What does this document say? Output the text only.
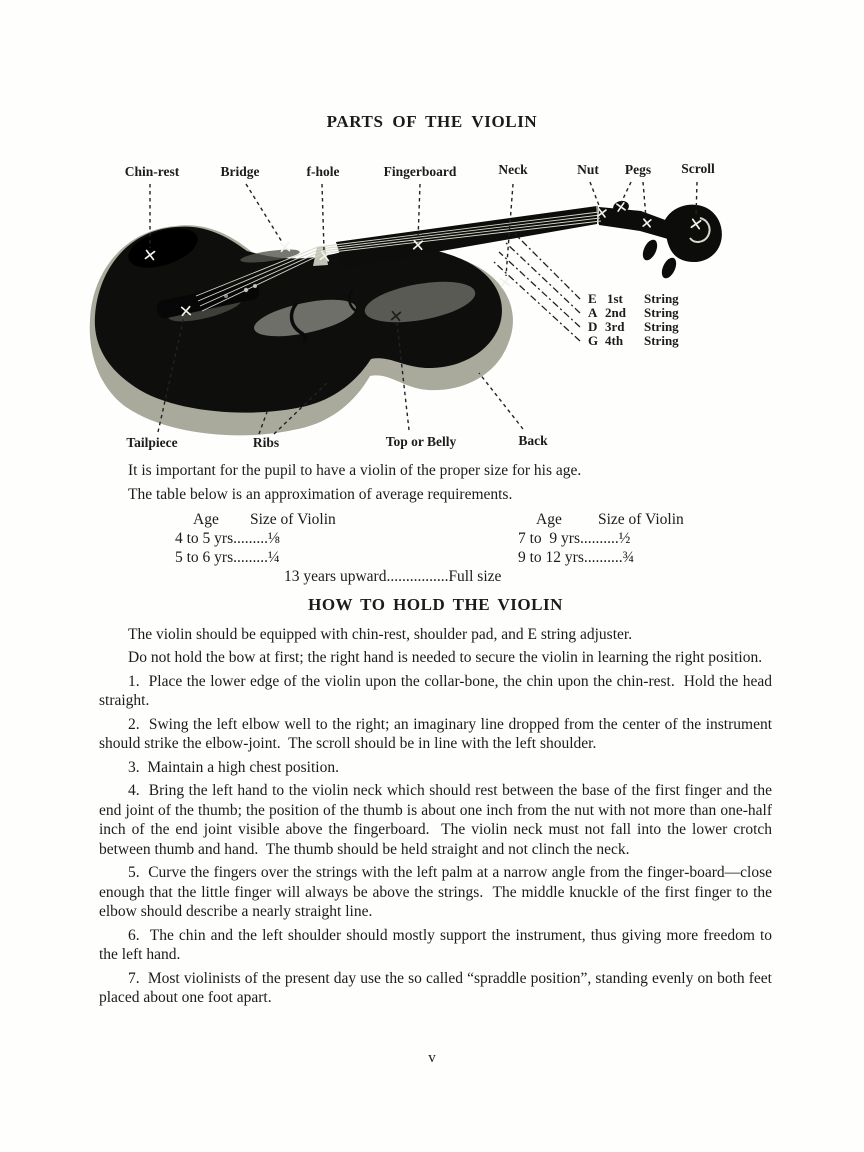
PARTS OF THE VIOLIN
Chin-rest	Bridge	f-hole	Fingerboard	Neck	Nut Pegs Scroll
Tailpiece	Ribs	Top or Belly	Back
E 1st String
A 2nd String
D 3rd String
G 4th String

It is important for the pupil to have a violin of the proper size for his age.

The table below is an approximation of average requirements.

Age Size of Violin	Age Size of Violin
4 to 5 yrs.........⅛
5 to 6 yrs.........¼
7 to  9 yrs..........½
9 to 12 yrs..........¾
13 years upward................Full size
HOW TO HOLD THE VIOLIN

The violin should be equipped with chin-rest, shoulder pad, and E string adjuster.

Do not hold the bow at first; the right hand is needed to secure the violin in learning the right position.

1.  Place the lower edge of the violin upon the collar-bone, the chin upon the chin-rest.  Hold the head straight.

2.  Swing the left elbow well to the right; an imaginary line dropped from the center of the instrument should strike the elbow-joint.  The scroll should be in line with the left shoulder.

3.  Maintain a high chest position.

4.  Bring the left hand to the violin neck which should rest between the base of the first finger and the end joint of the thumb; the position of the thumb is about one inch from the nut with not more than one-half inch of the end joint visible above the fingerboard.  The violin neck must not fall into the lower crotch between thumb and hand.  The thumb should be held straight and not clinch the neck.

5.  Curve the fingers over the strings with the left palm at a narrow angle from the finger‐board—close enough that the little finger will always be above the strings.  The middle knuckle of the first finger to the elbow should describe a nearly straight line.

6.  The chin and the left shoulder should mostly support the instrument, thus giving more freedom to the left hand.

7.  Most violinists of the present day use the so called “spraddle position”, standing evenly on both feet placed about one foot apart.

v
